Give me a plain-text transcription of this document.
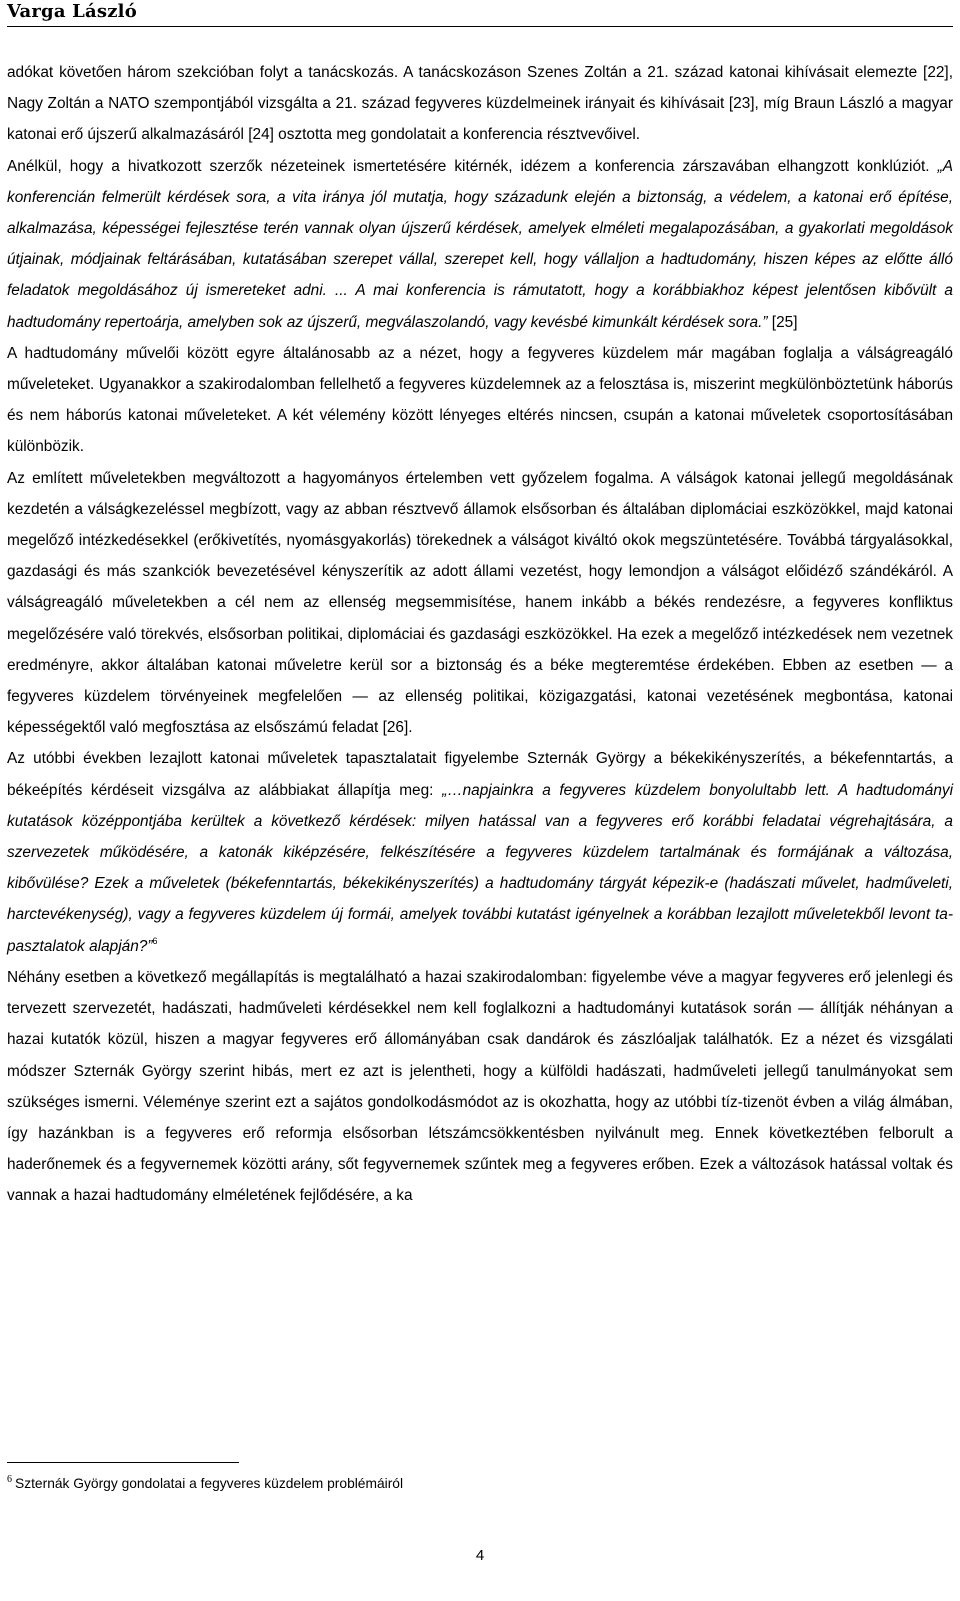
Varga László

adókat követően három szekcióban folyt a tanácskozás. A tanácskozáson Szenes Zoltán a 21. század katonai kihívásait elemezte [22], Nagy Zoltán a NATO szempontjából vizsgálta a 21. század fegyveres küzdelmeinek irányait és kihívásait [23], míg Braun László a magyar katonai erő újszerű alkalmazásáról [24] osztotta meg gondolatait a konferencia résztvevőivel.

Anélkül, hogy a hivatkozott szerzők nézeteinek ismertetésére kitérnék, idézem a konferencia zárszavában elhangzott konklúziót. „A konferencián felmerült kérdések sora, a vita iránya jól mutatja, hogy századunk elején a biztonság, a védelem, a katonai erő építése, alkalmazása, képességei fejlesztése terén vannak olyan újszerű kérdések, amelyek elméleti megalapozásában, a gyakorlati megoldások útjainak, módjainak feltárásában, kutatásában szerepet vállal, szerepet kell, hogy vállaljon a hadtudomány, hiszen képes az előtte álló feladatok megoldásához új ismereteket adni. ... A mai konferencia is rámutatott, hogy a korábbiakhoz képest jelentősen kibővült a hadtudomány repertoárja, amelyben sok az újszerű, megválaszolandó, vagy kevésbé kimunkált kérdések sora.” [25]

A hadtudomány művelői között egyre általánosabb az a nézet, hogy a fegyveres küzdelem már magában foglalja a válságreagáló műveleteket. Ugyanakkor a szakirodalomban fellelhető a fegyveres küzdelemnek az a felosztása is, miszerint megkülönböztetünk háborús és nem háborús katonai műveleteket. A két vélemény között lényeges eltérés nincsen, csupán a katonai műveletek csoportosításában különbözik.

Az említett műveletekben megváltozott a hagyományos értelemben vett győzelem fogalma. A válságok katonai jellegű megoldásának kezdetén a válságkezeléssel megbízott, vagy az abban résztvevő államok elsősorban és általában diplomáciai eszközökkel, majd katonai megelőző intézkedésekkel (erőkivetítés, nyomásgyakorlás) törekednek a válságot kiváltó okok megszüntetésére. Továbbá tárgyalásokkal, gazdasági és más szankciók bevezetésével kényszerítik az adott állami vezetést, hogy lemondjon a válságot előidéző szándékáról. A válságreagáló műveletekben a cél nem az ellenség megsemmisítése, hanem inkább a békés rendezésre, a fegyveres konfliktus megelőzésére való törekvés, elsősorban politikai, diplomáciai és gazdasági eszközökkel. Ha ezek a megelőző intézkedések nem vezetnek eredményre, akkor általában katonai műveletre kerül sor a biztonság és a béke megteremtése érdekében. Ebben az esetben — a fegyveres küzdelem törvényeinek megfelelően — az ellenség politikai, közigazgatási, katonai vezetésének megbontása, katonai képességektől való megfosztása az elsőszámú feladat [26].

Az utóbbi években lezajlott katonai műveletek tapasztalatait figyelembe Szternák György a békekikényszerítés, a békefenntartás, a békeépítés kérdéseit vizsgálva az alábbiakat állapítja meg: „…napjainkra a fegyveres küzdelem bonyolultabb lett. A hadtudományi kutatások középpontjába kerültek a következő kérdések: milyen hatással van a fegyveres erő korábbi feladatai végrehajtására, a szervezetek működésére, a katonák kiképzésére, felkészítésére a fegyveres küzdelem tartalmának és formájának a változása, kibővülése? Ezek a műveletek (békefenntartás, békekikényszerítés) a hadtudomány tárgyát képezik-e (hadászati művelet, hadműveleti, harctevékenység), vagy a fegyveres küzdelem új formái, amelyek további kutatást igényelnek a korábban lezajlott műveletekből levont tapasztalatok alapján?”$^6$

Néhány esetben a következő megállapítás is megtalálható a hazai szakirodalomban: figyelembe véve a magyar fegyveres erő jelenlegi és tervezett szervezetét, hadászati, hadműveleti kérdésekkel nem kell foglalkozni a hadtudományi kutatások során — állítják néhányan a hazai kutatók közül, hiszen a magyar fegyveres erő állományában csak dandárok és zászlóaljak találhatók. Ez a nézet és vizsgálati módszer Szternák György szerint hibás, mert ez azt is jelentheti, hogy a külföldi hadászati, hadműveleti jellegű tanulmányokat sem szükséges ismerni. Véleménye szerint ezt a sajátos gondolkodásmódot az is okozhatta, hogy az utóbbi tíz-tizenöt évben a világ álmában, így hazánkban is a fegyveres erő reformja elsősorban létszámcsökkentésben nyilvánult meg. Ennek következtében felborult a haderőnemek és a fegyvernemek közötti arány, sőt fegyvernemek szűntek meg a fegyveres erőben. Ezek a változások hatással voltak és vannak a hazai hadtudomány elméletének fejlődésére, a ka

$^6$ Szternák György gondolatai a fegyveres küzdelem problémáiról
4
